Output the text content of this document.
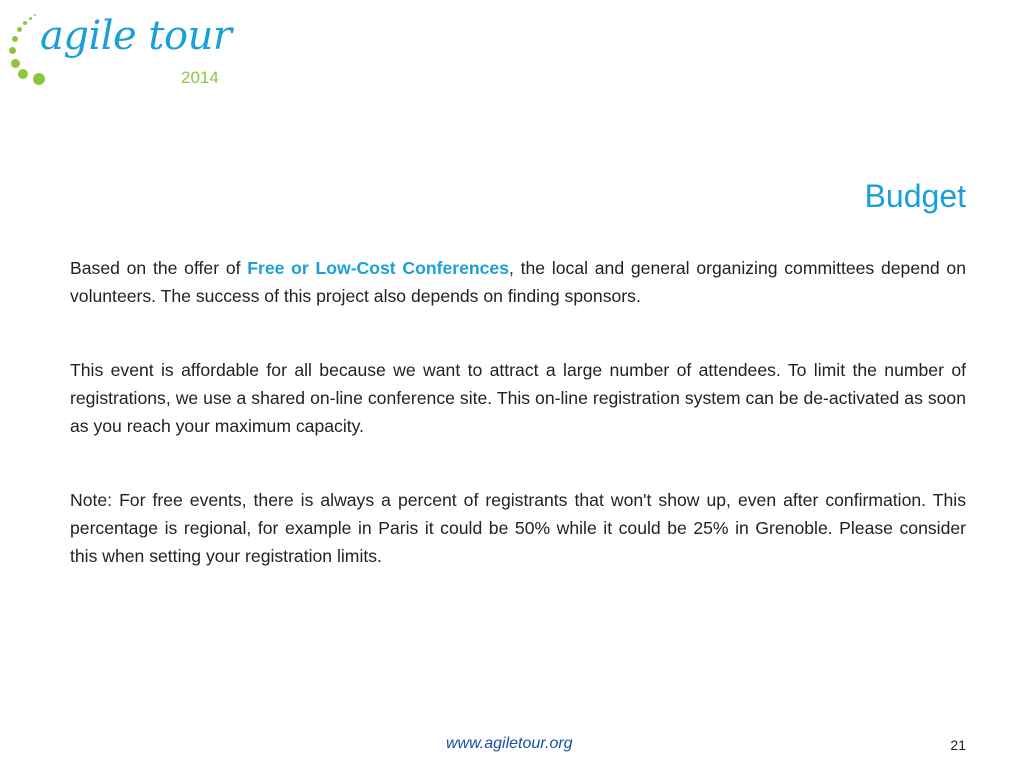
agile tour
2014
Budget

Based on the offer of Free or Low-Cost Conferences, the local and general organizing committees depend on volunteers. The success of this project also depends on finding sponsors.

This event is affordable for all because we want to attract a large number of attendees. To limit the number of registrations, we use a shared on-line conference site. This on-line registration system can be de-activated as soon as you reach your maximum capacity.

Note: For free events, there is always a percent of registrants that won't show up, even after confirmation. This percentage is regional, for example in Paris it could be 50% while it could be 25% in Grenoble. Please consider this when setting your registration limits.

www.agiletour.org	21
